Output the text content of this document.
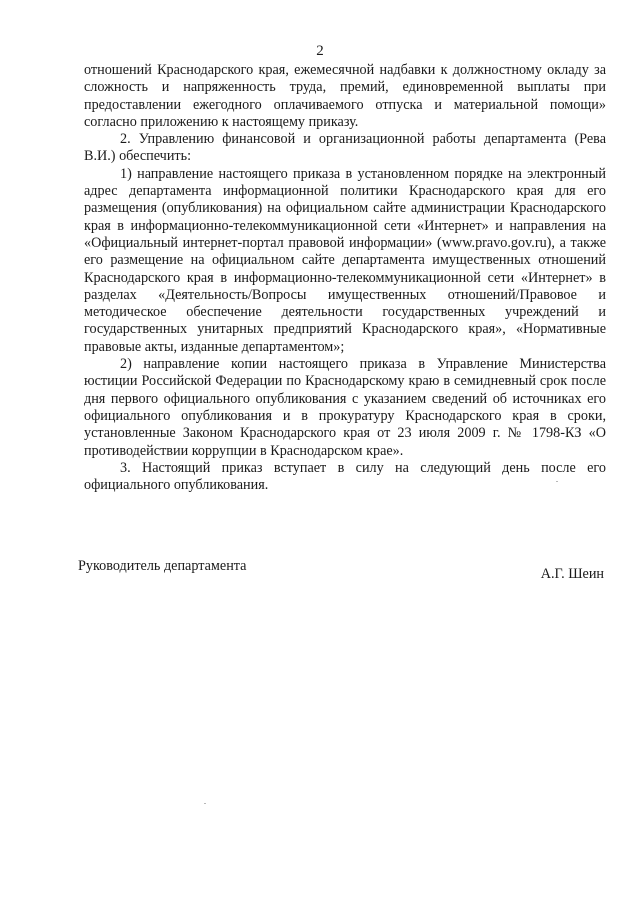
2

отношений Краснодарского края, ежемесячной надбавки к должностному окладу за сложность и напряженность труда, премий, единовременной выплаты при предоставлении ежегодного оплачиваемого отпуска и материальной помощи» согласно приложению к настоящему приказу.

2. Управлению финансовой и организационной работы департамента (Рева В.И.) обеспечить:

1) направление настоящего приказа в установленном порядке на электронный адрес департамента информационной политики Краснодарского края для его размещения (опубликования) на официальном сайте администрации Краснодарского края в информационно-телекоммуникационной сети «Интернет» и направления на «Официальный интернет-портал правовой информации» (www.pravo.gov.ru), а также его размещение на официальном сайте департамента имущественных отношений Краснодарского края в информационно-телекоммуникационной сети «Интернет» в разделах «Деятельность/Вопросы имущественных отношений/Правовое и методическое обеспечение деятельности государственных учреждений и государственных унитарных предприятий Краснодарского края», «Нормативные правовые акты, изданные департаментом»;

2) направление копии настоящего приказа в Управление Министерства юстиции Российской Федерации по Краснодарскому краю в семидневный срок после дня первого официального опубликования с указанием сведений об источниках его официального опубликования и в прокуратуру Краснодарского края в сроки, установленные Законом Краснодарского края от 23 июля 2009 г. № 1798-КЗ «О противодействии коррупции в Краснодарском крае».

3. Настоящий приказ вступает в силу на следующий день после его официального опубликования.

Руководитель департамента	А.Г. Шеин
